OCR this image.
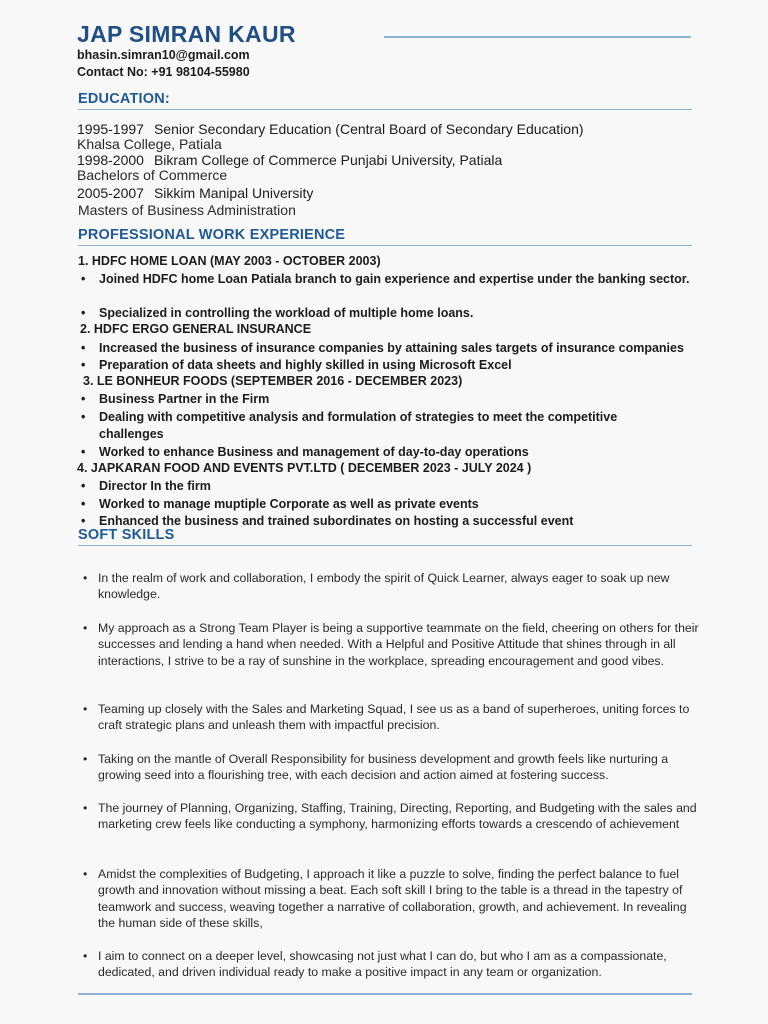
JAP SIMRAN KAUR
bhasin.simran10@gmail.com
Contact No: +91 98104-55980
EDUCATION:
1995-1997 Senior Secondary Education (Central Board of Secondary Education)
Khalsa College, Patiala
1998-2000 Bikram College of Commerce Punjabi University, Patiala
Bachelors of Commerce
2005-2007 Sikkim Manipal University
Masters of Business Administration
PROFESSIONAL WORK EXPERIENCE
1. HDFC HOME LOAN (MAY 2003 - OCTOBER 2003)
• Joined HDFC home Loan Patiala branch to gain experience and expertise under the banking sector.
• Specialized in controlling the workload of multiple home loans.
2. HDFC ERGO GENERAL INSURANCE
• Increased the business of insurance companies by attaining sales targets of insurance companies
• Preparation of data sheets and highly skilled in using Microsoft Excel
3. LE BONHEUR FOODS (SEPTEMBER 2016 - DECEMBER 2023)
• Business Partner in the Firm
• Dealing with competitive analysis and formulation of strategies to meet the competitive challenges
• Worked to enhance Business and management of day-to-day operations
4. JAPKARAN FOOD AND EVENTS PVT.LTD ( DECEMBER 2023 - JULY 2024 )
• Director In the firm
• Worked to manage muptiple Corporate as well as private events
• Enhanced the business and trained subordinates on hosting a successful event
SOFT SKILLS
• In the realm of work and collaboration, I embody the spirit of Quick Learner, always eager to soak up new knowledge.
• My approach as a Strong Team Player is being a supportive teammate on the field, cheering on others for their successes and lending a hand when needed. With a Helpful and Positive Attitude that shines through in all interactions, I strive to be a ray of sunshine in the workplace, spreading encouragement and good vibes.
• Teaming up closely with the Sales and Marketing Squad, I see us as a band of superheroes, uniting forces to craft strategic plans and unleash them with impactful precision.
• Taking on the mantle of Overall Responsibility for business development and growth feels like nurturing a growing seed into a flourishing tree, with each decision and action aimed at fostering success.
• The journey of Planning, Organizing, Staffing, Training, Directing, Reporting, and Budgeting with the sales and marketing crew feels like conducting a symphony, harmonizing efforts towards a crescendo of achievement
• Amidst the complexities of Budgeting, I approach it like a puzzle to solve, finding the perfect balance to fuel growth and innovation without missing a beat. Each soft skill I bring to the table is a thread in the tapestry of teamwork and success, weaving together a narrative of collaboration, growth, and achievement. In revealing the human side of these skills,
• I aim to connect on a deeper level, showcasing not just what I can do, but who I am as a compassionate, dedicated, and driven individual ready to make a positive impact in any team or organization.
